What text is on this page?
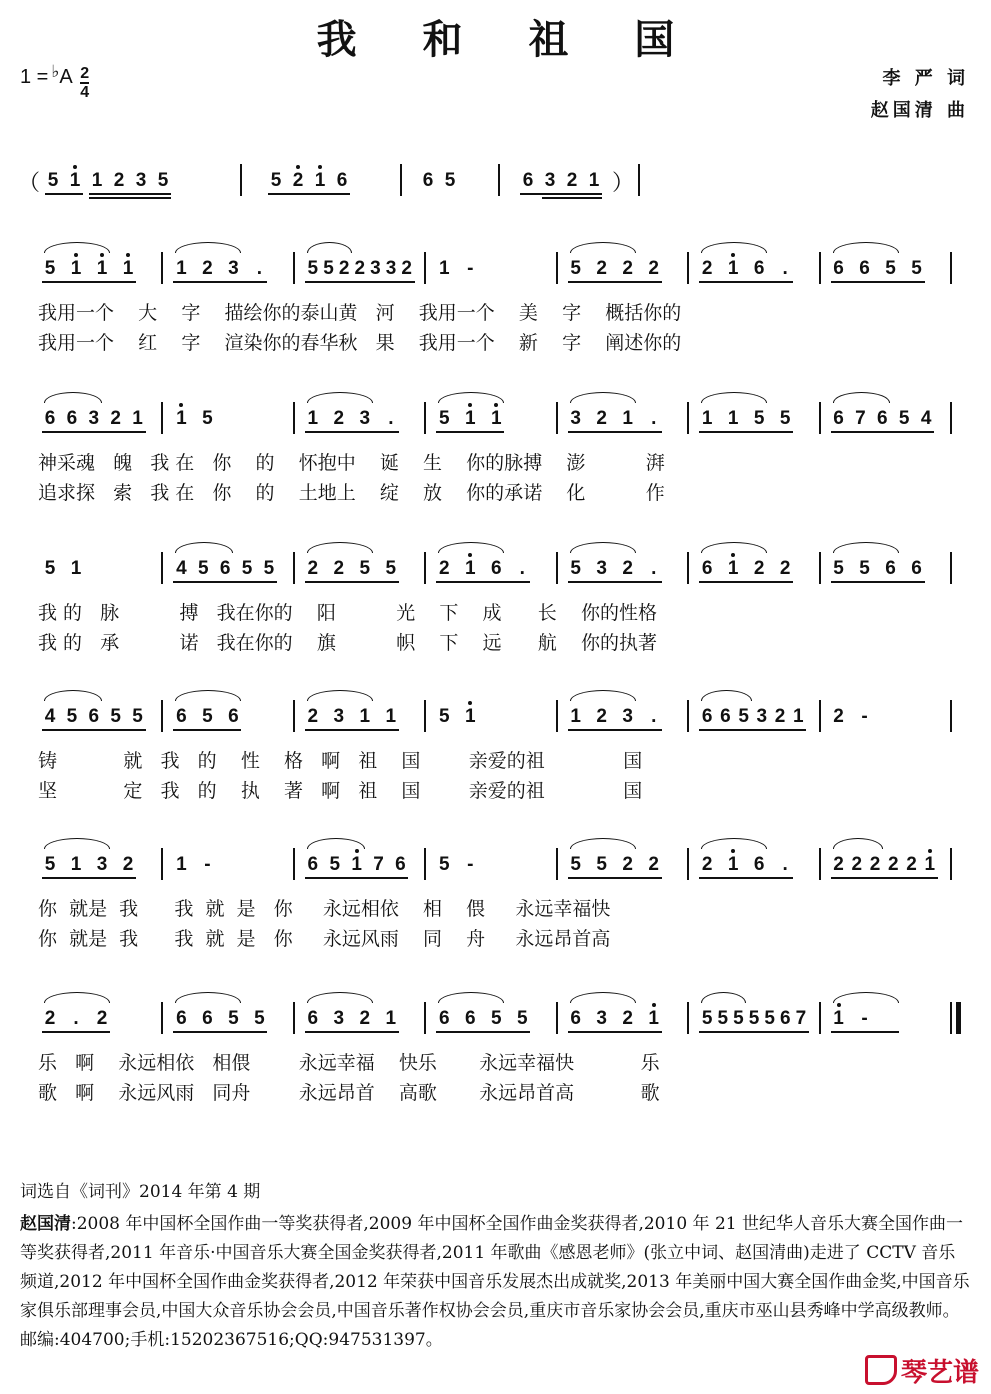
我 和 祖 国
$1 = ^♭A \frac{2}{4}$	李 严 词
赵国清 曲
（ 5 1 1 2 3 5	5 2 1 6	6 5	6 3 2 1 ）
5 1 1 1 1 2 3 . 5 5 2 2 3 3 2 1 -	5 2 2 2 2 1 6 . 6 6 5 5
我用一个    大    字    描绘你的泰山黄   河    我用一个    美    字    概括你的
我用一个    红    字    渲染你的春华秋   果    我用一个    新    字    阐述你的
6 6 3 2 1 1 5	1 2 3 . 5 1 1	3 2 1 . 1 1 5 5 6 7 6 5 4
神采魂   魄   我 在   你    的    怀抱中    诞    生    你的脉搏    澎          湃
追求探   索   我 在   你    的    土地上    绽    放    你的承诺    化          作
5 1	4 5 6 5 5 2 2 5 5 2 1 6 . 5 3 2 . 6 1 2 2 5 5 6 6
我 的   脉          搏   我在你的    阳          光    下    成      长    你的性格
我 的   承          诺   我在你的    旗          帜    下    远      航    你的执著
4 5 6 5 5 6 5 6	2 3 1 1 5 1	1 2 3 . 6 6 5 3 2 1 2 -
铸           就   我   的    性    格   啊   祖    国        亲爱的祖             国
坚           定   我   的    执    著   啊   祖    国        亲爱的祖             国
5 1 3 2 1 -	6 5 1 7 6 5 -	5 5 2 2 2 1 6 . 2 2 2 2 2 1
你  就是  我      我  就  是   你     永远相依    相    偎     永远幸福快
你  就是  我      我  就  是   你     永远风雨    同    舟     永远昂首高
2 . 2	6 6 5 5 6 3 2 1 6 6 5 5 6 3 2 1 5 5 5 5 5 6 7 1 -
乐   啊    永远相依   相偎        永远幸福    快乐       永远幸福快           乐
歌   啊    永远风雨   同舟        永远昂首    高歌       永远昂首高           歌
词选自《词刊》2014 年第 4 期
赵国清:2008 年中国杯全国作曲一等奖获得者,2009 年中国杯全国作曲金奖获得者,2010 年 21 世纪华人音乐大赛全国作曲一等奖获得者,2011 年音乐·中国音乐大赛全国金奖获得者,2011 年歌曲《感恩老师》(张立中词、赵国清曲)走进了 CCTV 音乐频道,2012 年中国杯全国作曲金奖获得者,2012 年荣获中国音乐发展杰出成就奖,2013 年美丽中国大赛全国作曲金奖,中国音乐家俱乐部理事会员,中国大众音乐协会会员,中国音乐著作权协会会员,重庆市音乐家协会会员,重庆市巫山县秀峰中学高级教师。邮编:404700;手机:15202367516;QQ:947531397。
琴艺谱
